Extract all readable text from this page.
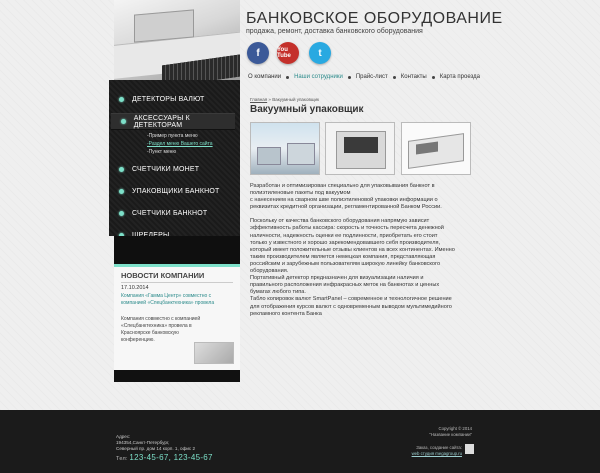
ДЕТЕКТОРЫ ВАЛЮТ
АКСЕССУАРЫ К ДЕТЕКТОРАМ
-Пример пункта меню
-Раздел меню Вашего сайта
-Пункт меню
СЧЕТЧИКИ МОНЕТ
УПАКОВЩИКИ БАНКНОТ
СЧЕТЧИКИ БАНКНОТ
НОВОСТИ КОМПАНИИ
17.10.2014
Компания «Гамма Центр» совместно с компанией «Спецбанктехника» провела
Компания совместно с компанией «Спецбанктехника» провела в Красноярске банковскую конференцию.
БАНКОВСКОЕ ОБОРУДОВАНИЕ
продажа, ремонт, доставка банковского оборудования
f	You Tube	t
О компании Наши сотрудники Прайс-лист Контакты Карта проезда
Главная » Вакуумный упаковщик
Вакуумный упаковщик

Разработан и оптимизирован специально для упаковывания банкнот в

полиэтиленовые пакеты под вакуумом

с нанесением на сварном шве полиэтиленовой упаковки информации о

реквизитах кредитной организации, регламентированной Банком России.

Поскольку от качества банковского оборудования напрямую зависит

эффективность работы кассира: скорость и точность пересчета денежной

наличности, надежность оценки ее подлинности, приобретать его стоит

только у известного и хорошо зарекомендовавшего себя производителя,

который имеет положительные отзывы клиентов на всех континентах. Именно

таким производителем является немецкая компания, представляющая

российским и зарубежным пользователям широкую линейку банковского

оборудования.

Портативный детектор предназначен для визуализации наличия и

правильного расположения инфракрасных меток на банкнотах и ценных

бумагах любого типа.

Табло копировок валют SmartPanel – современное и технологичное решение

для отображения курсов валют с одновременным выводом мультимедийного

рекламного контента Банка

Адрес:
194354,Санкт-Петербург,
Северный пр. дом 14 корп. 1, офис 2
Тел: 123-45-67, 123-45-67
Copyright © 2014
"Название компании"
Заказ, создание сайта:
web студия megagroup.ru
